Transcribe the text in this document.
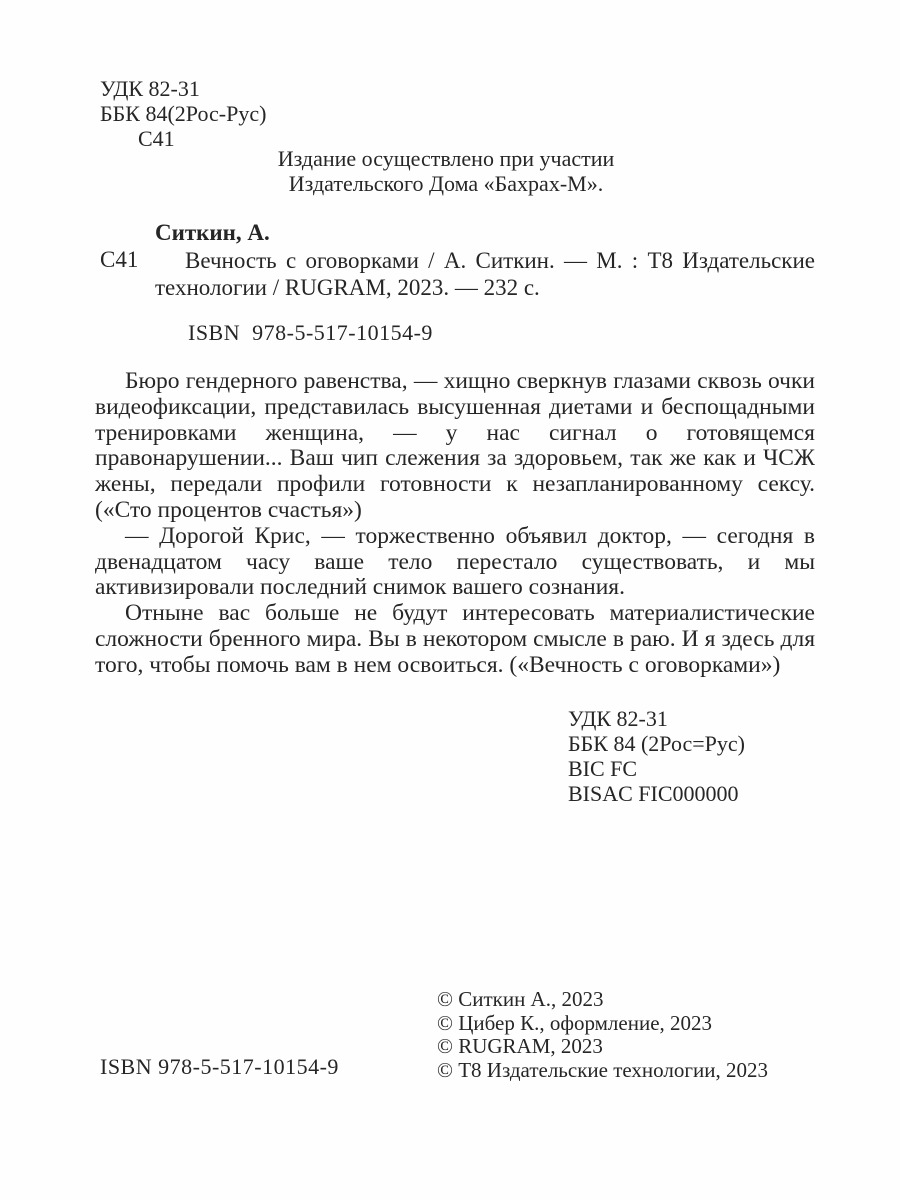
УДК 82-31
ББК 84(2Рос-Рус)
С41
Издание осуществлено при участии
Издательского Дома «Бахрах-М».
Ситкин, А.
С41	Вечность с оговорками / А. Ситкин. — М. : Т8 Издательские технологии / RUGRAM, 2023. — 232 с.

ISBN  978-5-517-10154-9

Бюро гендерного равенства, — хищно сверкнув глазами сквозь очки видеофиксации, представилась высушенная диетами и беспощадными тренировками женщина, — у нас сигнал о готовящемся правонарушении... Ваш чип слежения за здоровьем, так же как и ЧСЖ жены, передали профили готовности к незапланированному сексу. («Сто процентов счастья»)

— Дорогой Крис, — торжественно объявил доктор, — сегодня в двенадцатом часу ваше тело перестало существовать, и мы активизировали последний снимок вашего сознания.

Отныне вас больше не будут интересовать материалистические сложности бренного мира. Вы в некотором смысле в раю. И я здесь для того, чтобы помочь вам в нем освоиться. («Вечность с оговорками»)

УДК 82-31
ББК 84 (2Рос=Рус)
BIC FC
BISAC FIC000000
© Ситкин А., 2023
© Цибер К., оформление, 2023
© RUGRAM, 2023
© Т8 Издательские технологии, 2023
ISBN 978-5-517-10154-9
